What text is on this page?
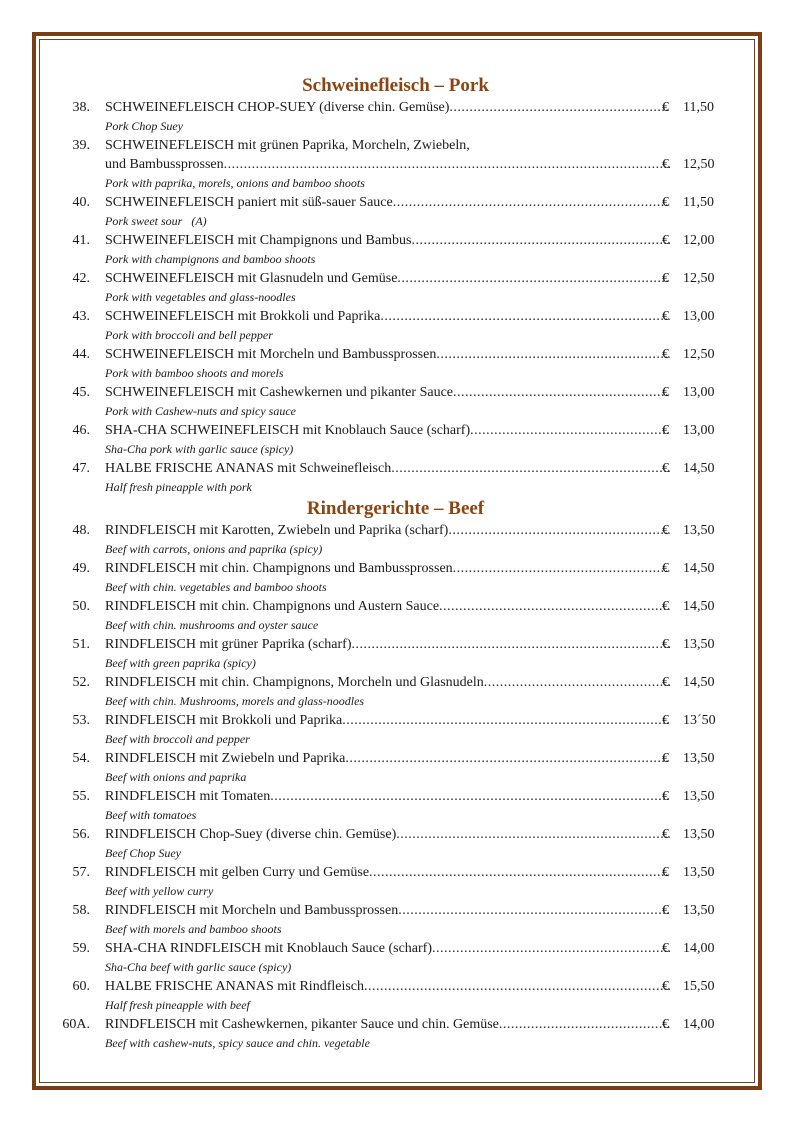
Schweinefleisch – Pork
38. SCHWEINEFLEISCH CHOP-SUEY (diverse chin. Gemüse) .....	€ 11,50
Pork Chop Suey
39. SCHWEINEFLEISCH mit grünen Paprika, Morcheln, Zwiebeln,
und Bambussprossen .....	€ 12,50
Pork with paprika, morels, onions and bamboo shoots
40. SCHWEINEFLEISCH paniert mit süß-sauer Sauce .....	€ 11,50
Pork sweet sour   (A)
41. SCHWEINEFLEISCH mit Champignons und Bambus .....	€ 12,00
Pork with champignons and bamboo shoots
42. SCHWEINEFLEISCH mit Glasnudeln und Gemüse .....	€ 12,50
Pork with vegetables and glass-noodles
43. SCHWEINEFLEISCH mit Brokkoli und Paprika .....	€ 13,00
Pork with broccoli and bell pepper
44. SCHWEINEFLEISCH mit Morcheln und Bambussprossen .....	€ 12,50
Pork with bamboo shoots and morels
45. SCHWEINEFLEISCH mit Cashewkernen und pikanter Sauce .....	€ 13,00
Pork with Cashew-nuts and spicy sauce
46. SHA-CHA SCHWEINEFLEISCH mit Knoblauch Sauce (scharf) .....	€ 13,00
Sha-Cha pork with garlic sauce (spicy)
47. HALBE FRISCHE ANANAS mit Schweinefleisch .....	€ 14,50
Half fresh pineapple with pork
Rindergerichte – Beef
48. RINDFLEISCH mit Karotten, Zwiebeln und Paprika (scharf) .....	€ 13,50
Beef with carrots, onions and paprika (spicy)
49. RINDFLEISCH mit chin. Champignons und Bambussprossen .....	€ 14,50
Beef with chin. vegetables and bamboo shoots
50. RINDFLEISCH mit chin. Champignons und Austern Sauce .....	€ 14,50
Beef with chin. mushrooms and oyster sauce
51. RINDFLEISCH mit grüner Paprika (scharf) .....	€ 13,50
Beef with green paprika (spicy)
52. RINDFLEISCH mit chin. Champignons, Morcheln und Glasnudeln .....	€ 14,50
Beef with chin. Mushrooms, morels and glass-noodles
53. RINDFLEISCH mit Brokkoli und Paprika .....	€ 13´50
Beef with broccoli and pepper
54. RINDFLEISCH mit Zwiebeln und Paprika .....	€ 13,50
Beef with onions and paprika
55. RINDFLEISCH mit Tomaten .....	€ 13,50
Beef with tomatoes
56. RINDFLEISCH Chop-Suey (diverse chin. Gemüse) .....	€ 13,50
Beef Chop Suey
57. RINDFLEISCH mit gelben Curry und Gemüse .....	€ 13,50
Beef with yellow curry
58. RINDFLEISCH mit Morcheln und Bambussprossen .....	€ 13,50
Beef with morels and bamboo shoots
59. SHA-CHA RINDFLEISCH mit Knoblauch Sauce (scharf) .....	€ 14,00
Sha-Cha beef with garlic sauce (spicy)
60. HALBE FRISCHE ANANAS mit Rindfleisch .....	€ 15,50
Half fresh pineapple with beef
60A. RINDFLEISCH mit Cashewkernen, pikanter Sauce und chin. Gemüse .....	€ 14,00
Beef with cashew-nuts, spicy sauce and chin. vegetable
